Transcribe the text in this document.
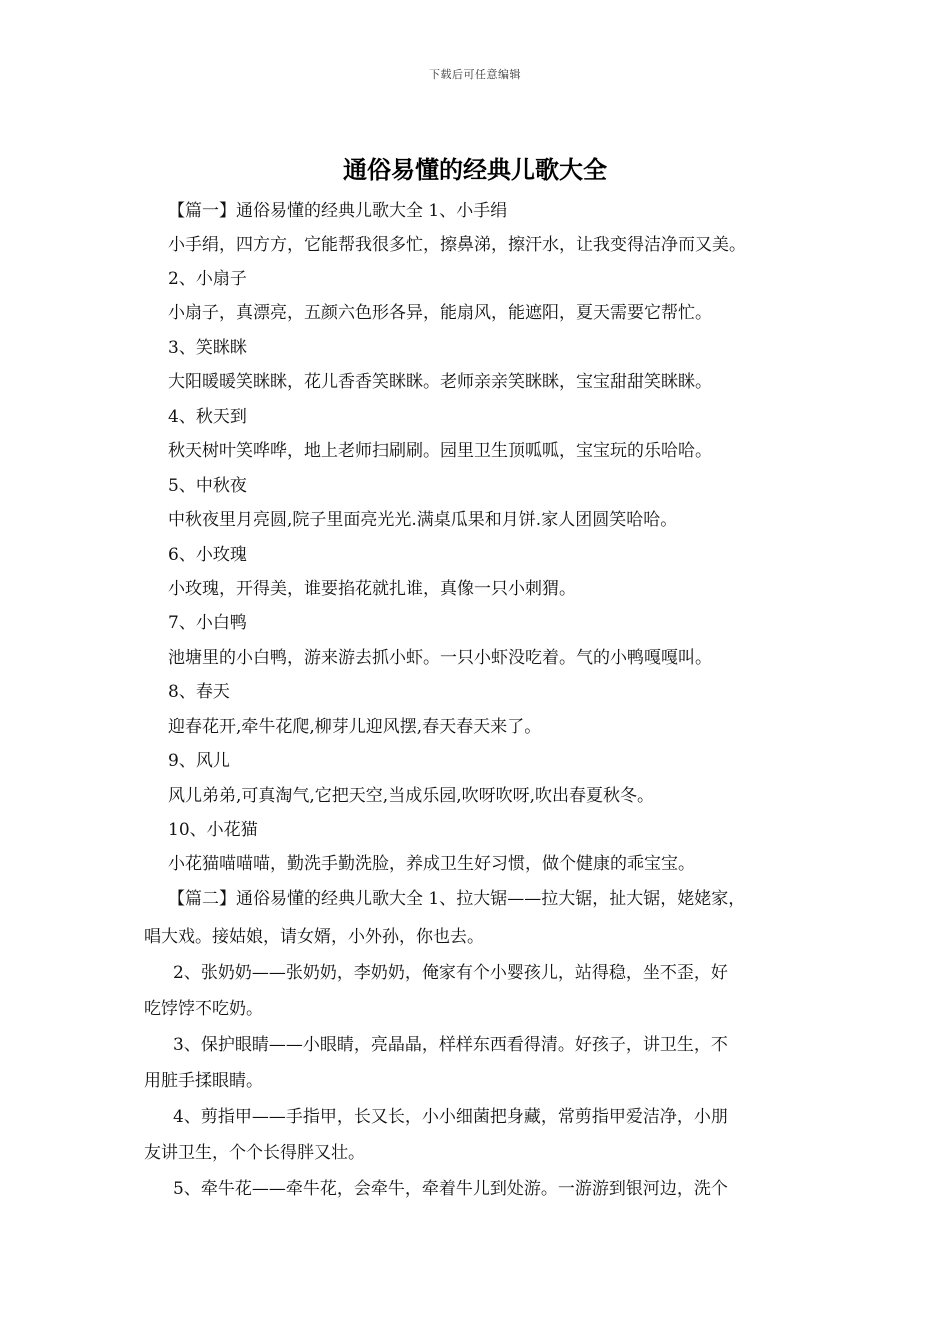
下载后可任意编辑
通俗易懂的经典儿歌大全
【篇一】通俗易懂的经典儿歌大全 1、小手绢
小手绢，四方方，它能帮我很多忙，擦鼻涕，擦汗水，让我变得洁净而又美。
2、小扇子
小扇子，真漂亮，五颜六色形各异，能扇风，能遮阳，夏天需要它帮忙。
3、笑眯眯
大阳暖暖笑眯眯，花儿香香笑眯眯。老师亲亲笑眯眯，宝宝甜甜笑眯眯。
4、秋天到
秋天树叶笑哗哗，地上老师扫刷刷。园里卫生顶呱呱，宝宝玩的乐哈哈。
5、中秋夜
中秋夜里月亮圆,院子里面亮光光.满桌瓜果和月饼.家人团圆笑哈哈。
6、小玫瑰
小玫瑰，开得美，谁要掐花就扎谁，真像一只小刺猬。
7、小白鸭
池塘里的小白鸭，游来游去抓小虾。一只小虾没吃着。气的小鸭嘎嘎叫。
8、春天
迎春花开,牵牛花爬,柳芽儿迎风摆,春天春天来了。
9、风儿
风儿弟弟,可真淘气,它把天空,当成乐园,吹呀吹呀,吹出春夏秋冬。
10、小花猫
小花猫喵喵喵，勤洗手勤洗脸，养成卫生好习惯，做个健康的乖宝宝。
【篇二】通俗易懂的经典儿歌大全 1、拉大锯——拉大锯，扯大锯，姥姥家，
唱大戏。接姑娘，请女婿，小外孙，你也去。
2、张奶奶——张奶奶，李奶奶，俺家有个小婴孩儿，站得稳，坐不歪，好
吃饽饽不吃奶。
3、保护眼睛——小眼睛，亮晶晶，样样东西看得清。好孩子，讲卫生，不
用脏手揉眼睛。
4、剪指甲——手指甲，长又长，小小细菌把身藏，常剪指甲爱洁净，小朋
友讲卫生，个个长得胖又壮。
5、牵牛花——牵牛花，会牵牛，牵着牛儿到处游。一游游到银河边，洗个
